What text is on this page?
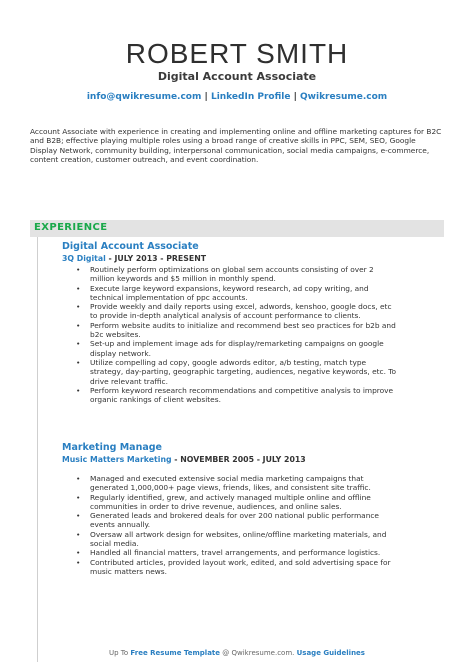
ROBERT SMITH
Digital Account Associate
info@qwikresume.com | LinkedIn Profile | Qwikresume.com

Account Associate with experience in creating and implementing online and offline marketing captures for B2C and B2B; effective playing multiple roles using a broad range of creative skills in PPC, SEM, SEO, Google Display Network, community building, interpersonal communication, social media campaigns, e-commerce, content creation, customer outreach, and event coordination.

EXPERIENCE
Digital Account Associate
3Q Digital - JULY 2013 - PRESENT
• Routinely perform optimizations on global sem accounts consisting of over 2 million keywords and $5 million in monthly spend.
• Execute large keyword expansions, keyword research, ad copy writing, and technical implementation of ppc accounts.
• Provide weekly and daily reports using excel, adwords, kenshoo, google docs, etc to provide in-depth analytical analysis of account performance to clients.
• Perform website audits to initialize and recommend best seo practices for b2b and b2c websites.
• Set-up and implement image ads for display/remarketing campaigns on google display network.
• Utilize compelling ad copy, google adwords editor, a/b testing, match type strategy, day-parting, geographic targeting, audiences, negative keywords, etc. To drive relevant traffic.
• Perform keyword research recommendations and competitive analysis to improve organic rankings of client websites.
Marketing Manage
Music Matters Marketing - NOVEMBER 2005 - JULY 2013
• Managed and executed extensive social media marketing campaigns that generated 1,000,000+ page views, friends, likes, and consistent site traffic.
• Regularly identified, grew, and actively managed multiple online and offline communities in order to drive revenue, audiences, and online sales.
• Generated leads and brokered deals for over 200 national public performance events annually.
• Oversaw all artwork design for websites, online/offline marketing materials, and social media.
• Handled all financial matters, travel arrangements, and performance logistics.
• Contributed articles, provided layout work, edited, and sold advertising space for music matters news.
Up To Free Resume Template @ Qwikresume.com. Usage Guidelines
